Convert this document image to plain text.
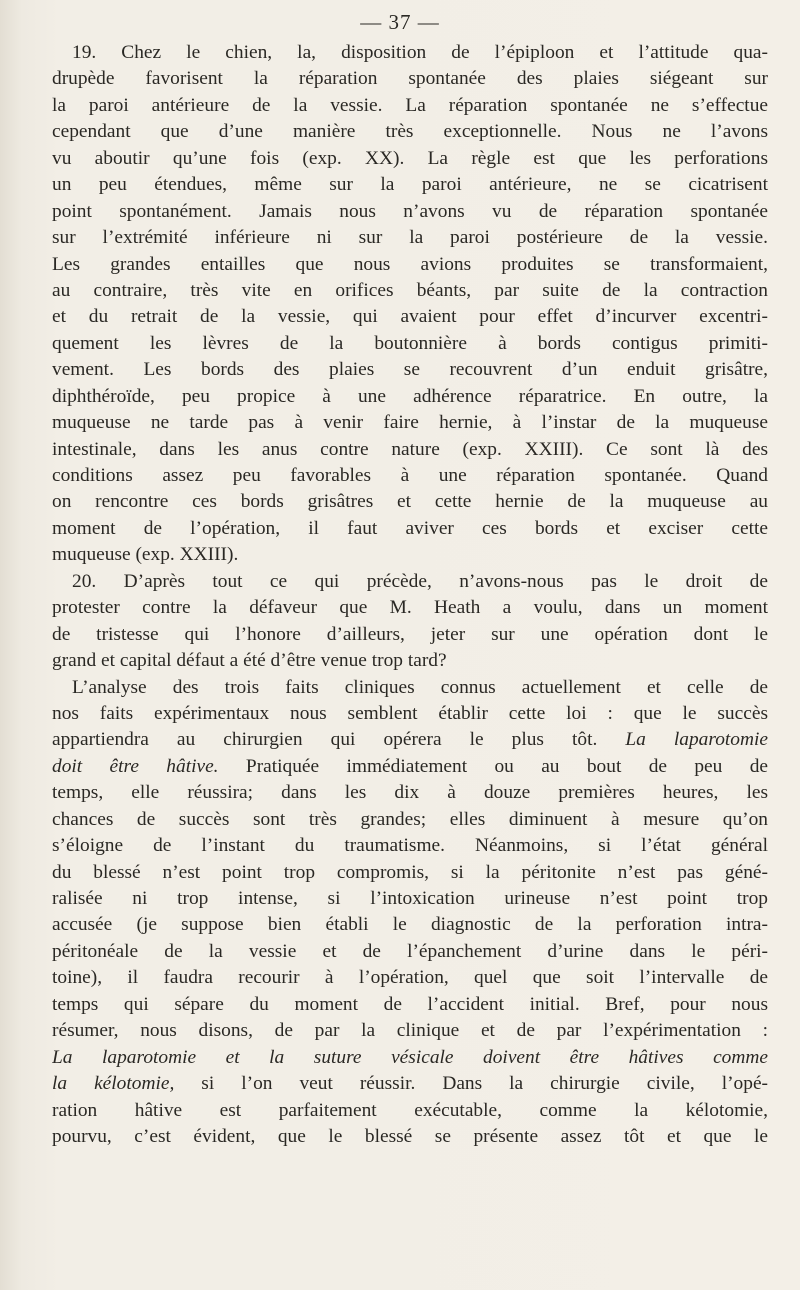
— 37 —
19. Chez le chien, la, disposition de l’épiploon et l’attitude qua-
drupède favorisent la réparation spontanée des plaies siégeant sur
la paroi antérieure de la vessie. La réparation spontanée ne s’effectue
cependant que d’une manière très exceptionnelle. Nous ne l’avons
vu aboutir qu’une fois (exp. XX). La règle est que les perforations
un peu étendues, même sur la paroi antérieure, ne se cicatrisent
point spontanément. Jamais nous n’avons vu de réparation spontanée
sur l’extrémité inférieure ni sur la paroi postérieure de la vessie.
Les grandes entailles que nous avions produites se transformaient,
au contraire, très vite en orifices béants, par suite de la contraction
et du retrait de la vessie, qui avaient pour effet d’incurver excentri-
quement les lèvres de la boutonnière à bords contigus primiti-
vement. Les bords des plaies se recouvrent d’un enduit grisâtre,
diphthéroïde, peu propice à une adhérence réparatrice. En outre, la
muqueuse ne tarde pas à venir faire hernie, à l’instar de la muqueuse
intestinale, dans les anus contre nature (exp. XXIII). Ce sont là des
conditions assez peu favorables à une réparation spontanée. Quand
on rencontre ces bords grisâtres et cette hernie de la muqueuse au
moment de l’opération, il faut aviver ces bords et exciser cette
muqueuse (exp. XXIII).
20. D’après tout ce qui précède, n’avons-nous pas le droit de
protester contre la défaveur que M. Heath a voulu, dans un moment
de tristesse qui l’honore d’ailleurs, jeter sur une opération dont le
grand et capital défaut a été d’être venue trop tard?
L’analyse des trois faits cliniques connus actuellement et celle de
nos faits expérimentaux nous semblent établir cette loi : que le succès
appartiendra au chirurgien qui opérera le plus tôt. La laparotomie
doit être hâtive. Pratiquée immédiatement ou au bout de peu de
temps, elle réussira; dans les dix à douze premières heures, les
chances de succès sont très grandes; elles diminuent à mesure qu’on
s’éloigne de l’instant du traumatisme. Néanmoins, si l’état général
du blessé n’est point trop compromis, si la péritonite n’est pas géné-
ralisée ni trop intense, si l’intoxication urineuse n’est point trop
accusée (je suppose bien établi le diagnostic de la perforation intra-
péritonéale de la vessie et de l’épanchement d’urine dans le péri-
toine), il faudra recourir à l’opération, quel que soit l’intervalle de
temps qui sépare du moment de l’accident initial. Bref, pour nous
résumer, nous disons, de par la clinique et de par l’expérimentation :
La laparotomie et la suture vésicale doivent être hâtives comme
la kélotomie, si l’on veut réussir. Dans la chirurgie civile, l’opé-
ration hâtive est parfaitement exécutable, comme la kélotomie,
pourvu, c’est évident, que le blessé se présente assez tôt et que le
